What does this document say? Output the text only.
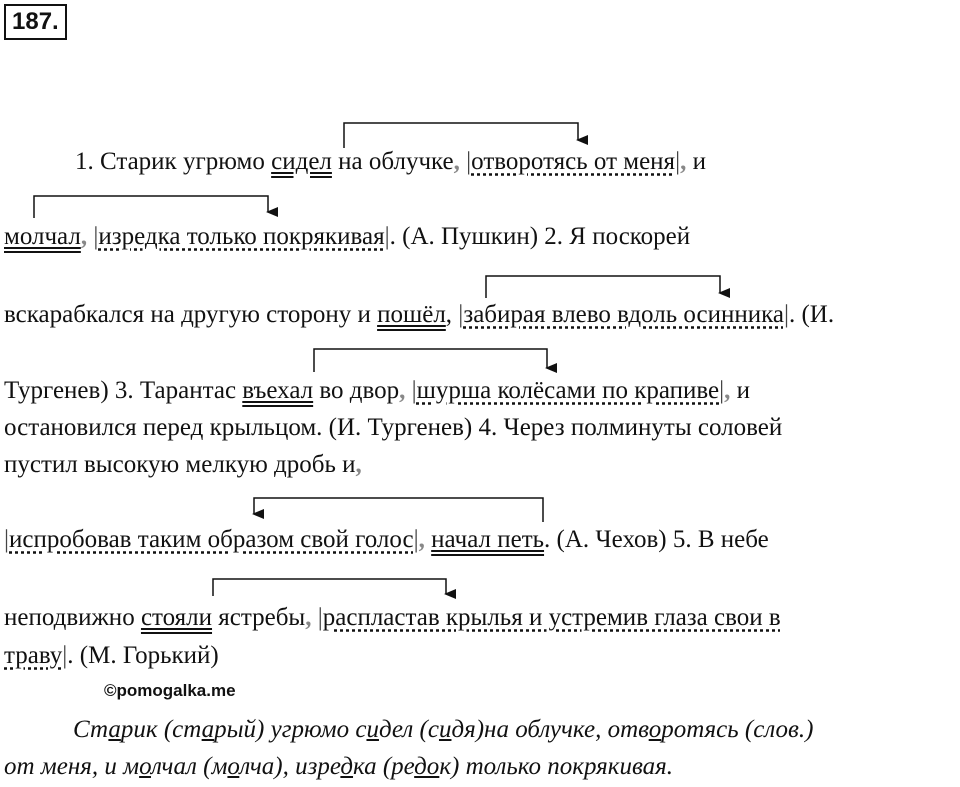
187.
1. Старик угрюмо сидел на облучке, |отворотясь от меня|, и
молчал, |изредка только покрякивая|. (А. Пушкин) 2. Я поскорей
вскарабкался на другую сторону и пошёл, |забирая влево вдоль осинника|. (И.
Тургенев) 3. Тарантас въехал во двор, |шурша колёсами по крапиве|, и
остановился перед крыльцом. (И. Тургенев) 4. Через полминуты соловей
пустил высокую мелкую дробь и,
|испробовав таким образом свой голос|, начал петь. (А. Чехов) 5. В небе
неподвижно стояли ястребы, |распластав крылья и устремив глаза свои в
траву|. (М. Горький)
©pomogalka.me
Старик (старый) угрюмо сидел (сидя)на облучке, отворотясь (слов.)
от меня, и молчал (молча), изредка (редок) только покрякивая.
